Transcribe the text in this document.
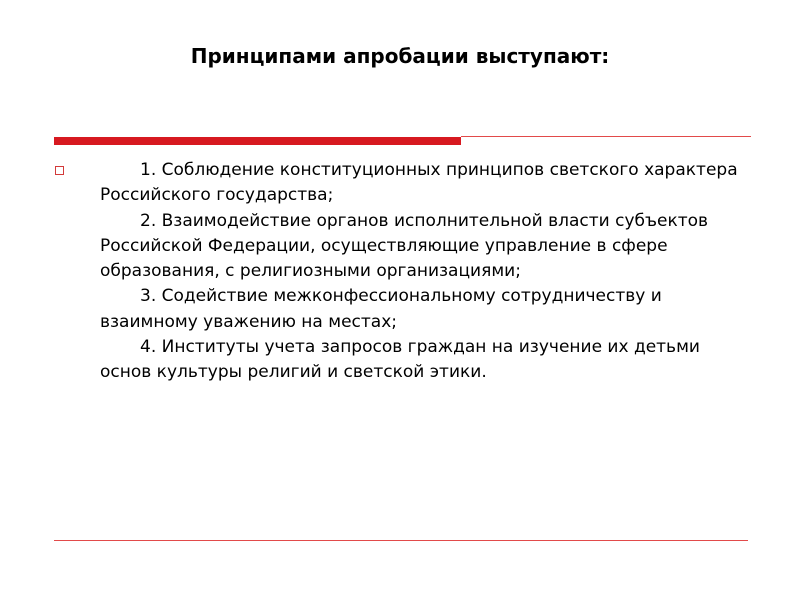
Принципами апробации выступают:
1. Соблюдение конституционных принципов светского характера Российского государства;
2. Взаимодействие органов исполнительной власти субъектов Российской Федерации, осуществляющие управление в сфере образования, с религиозными организациями;
3. Содействие межконфессиональному сотрудничеству и взаимному уважению на местах;
4. Институты учета запросов граждан на изучение их детьми основ культуры религий и светской этики.
